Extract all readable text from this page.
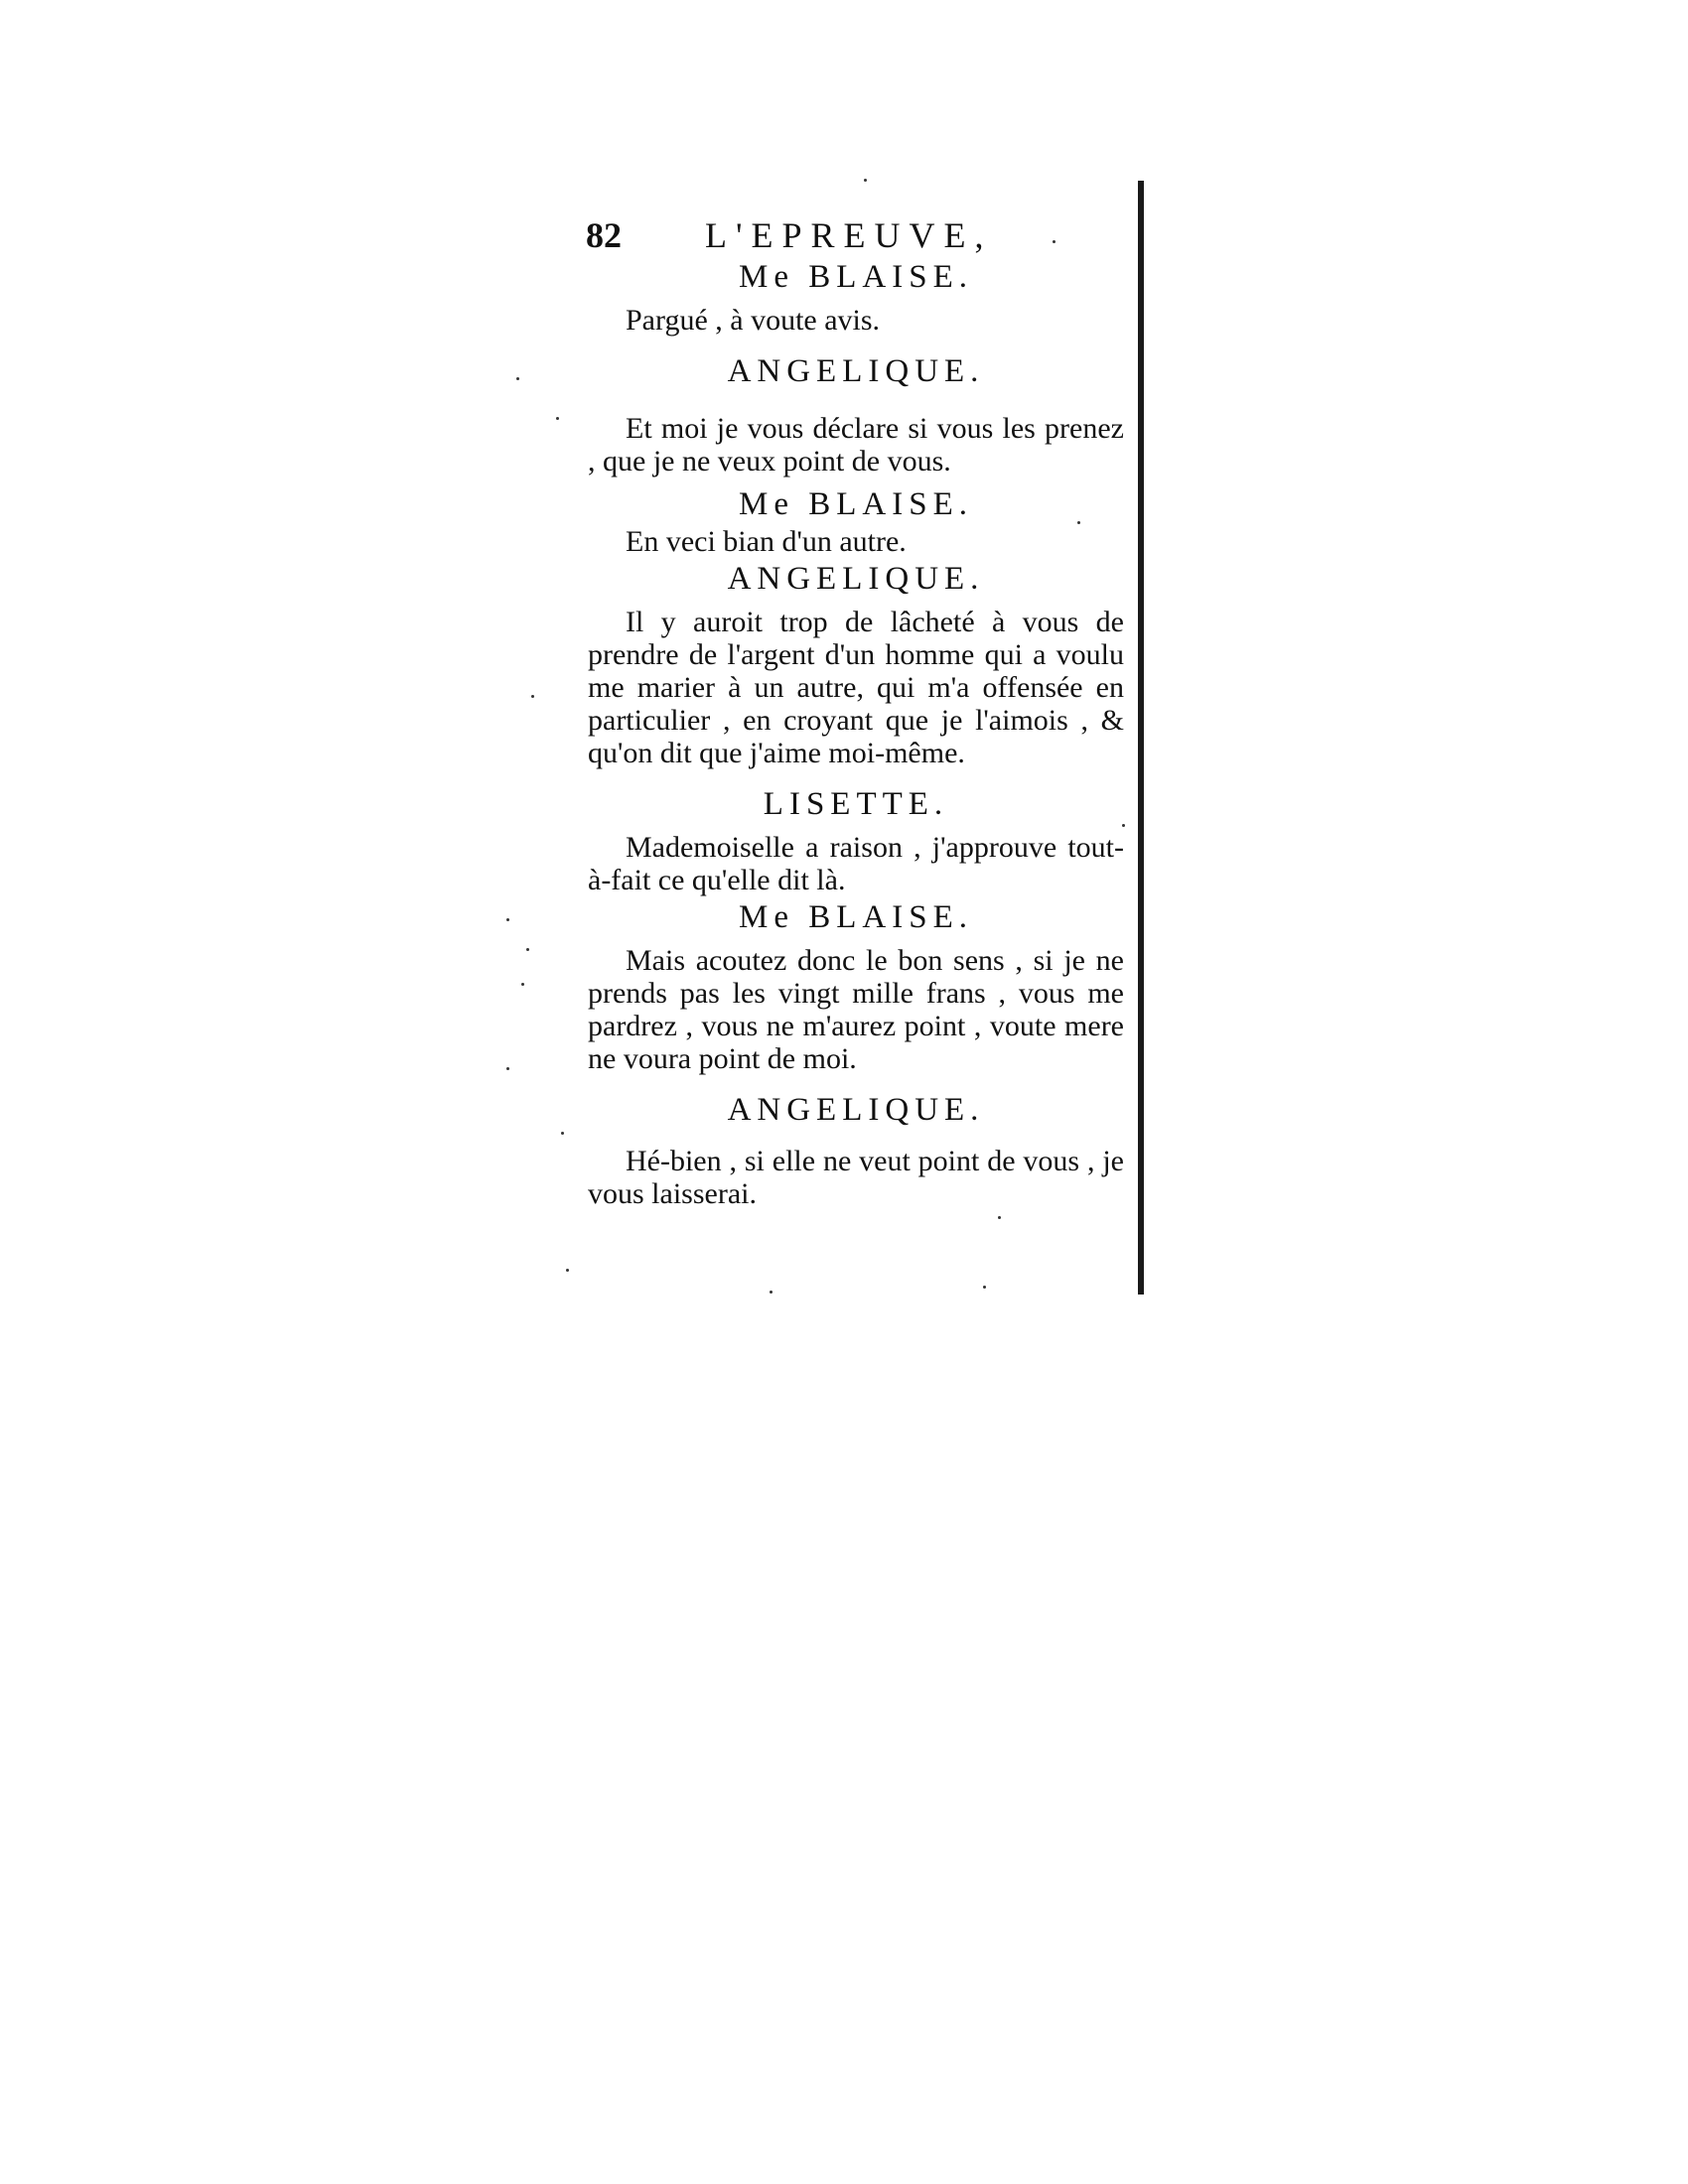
82 L'EPREUVE,

Me BLAISE.

Pargué , à voute avis.

ANGELIQUE.

Et moi je vous déclare si vous les prenez , que je ne veux point de vous.

Me BLAISE.

En veci bian d'un autre.

ANGELIQUE.

Il y auroit trop de lâcheté à vous de prendre de l'argent d'un homme qui a voulu me marier à un autre, qui m'a offensée en particulier , en croyant que je l'aimois , & qu'on dit que j'aime moi-même.

LISETTE.

Mademoiselle a raison , j'approuve tout-à-fait ce qu'elle dit là.

Me BLAISE.

Mais acoutez donc le bon sens , si je ne prends pas les vingt mille frans , vous me pardrez , vous ne m'aurez point , voute mere ne voura point de moi.

ANGELIQUE.

Hé-bien , si elle ne veut point de vous , je vous laisserai.
